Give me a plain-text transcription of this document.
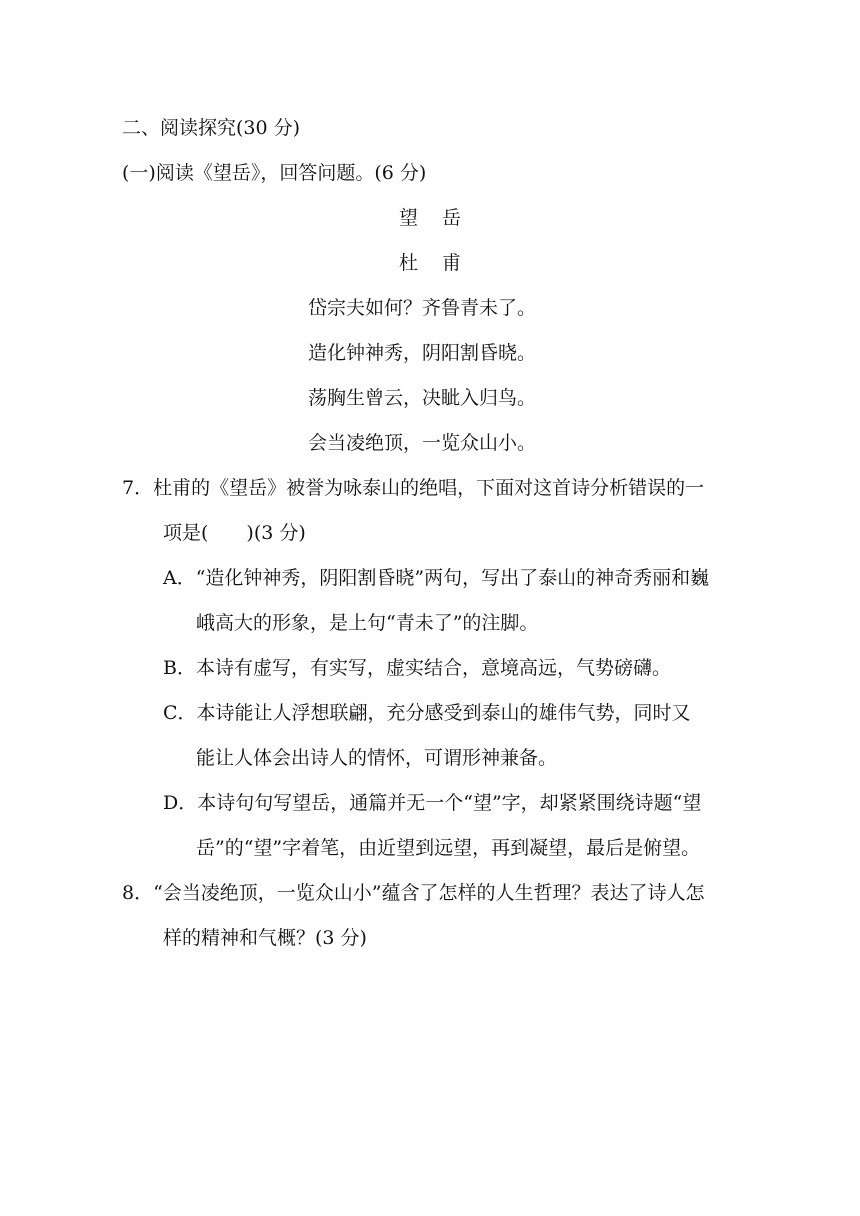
二、阅读探究(30 分)
(一)阅读《望岳》，回答问题。(6 分)
望 岳
杜 甫
岱宗夫如何？齐鲁青未了。
造化钟神秀，阴阳割昏晓。
荡胸生曾云，决眦入归鸟。
会当凌绝顶，一览众山小。
7．杜甫的《望岳》被誉为咏泰山的绝唱，下面对这首诗分析错误的一
项是(　　)(3 分)
A．“造化钟神秀，阴阳割昏晓”两句，写出了泰山的神奇秀丽和巍
峨高大的形象，是上句“青未了”的注脚。
B．本诗有虚写，有实写，虚实结合，意境高远，气势磅礴。
C．本诗能让人浮想联翩，充分感受到泰山的雄伟气势，同时又
能让人体会出诗人的情怀，可谓形神兼备。
D．本诗句句写望岳，通篇并无一个“望”字，却紧紧围绕诗题“望
岳”的“望”字着笔，由近望到远望，再到凝望，最后是俯望。
8．“会当凌绝顶，一览众山小”蕴含了怎样的人生哲理？表达了诗人怎
样的精神和气概？(3 分)
